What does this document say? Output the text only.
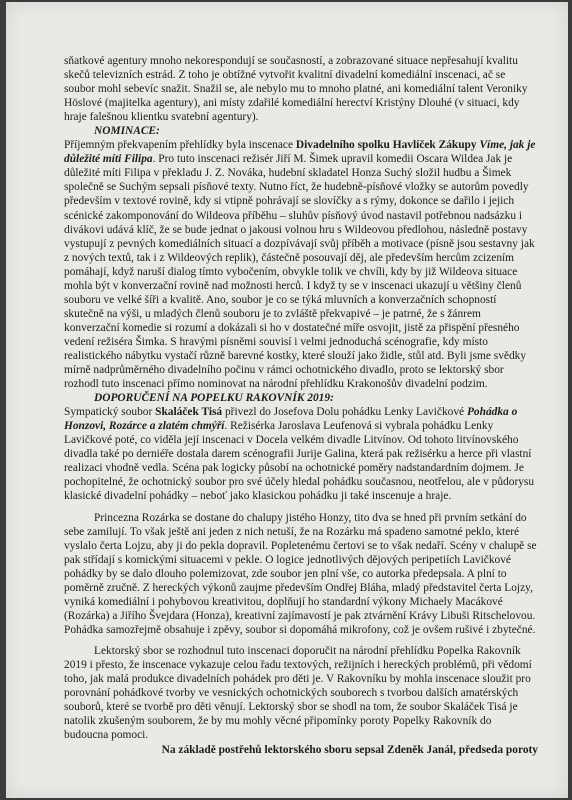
sňatkové agentury mnoho nekorespondují se současností, a zobrazované situace nepřesahují kvalitu skečů televizních estrád. Z toho je obtížné vytvořit kvalitní divadelní komediální inscenaci, ač se soubor mohl sebevíc snažit. Snažil se, ale nebylo mu to mnoho platné, ani komediální talent Veroniky Höslové (majitelka agentury), ani místy zdařilé komediální herectví Kristýny Dlouhé (v situaci, kdy hraje falešnou klientku svatební agentury).

NOMINACE:

Příjemným překvapením přehlídky byla inscenace Divadelního spolku Havlíček Zákupy Víme, jak je důležité míti Filipa. Pro tuto inscenaci režisér Jiří M. Šimek upravil komedii Oscara Wildea Jak je důležité míti Filipa v překladu J. Z. Nováka, hudební skladatel Honza Suchý složil hudbu a Šimek společně se Suchým sepsali písňové texty. Nutno říct, že hudebně-písňové vložky se autorům povedly především v textové rovině, kdy si vtipně pohrávají se slovíčky a s rýmy, dokonce se dařilo i jejich scénické zakomponování do Wildeova příběhu – sluhův písňový úvod nastavil potřebnou nadsázku i divákovi udává klíč, že se bude jednat o jakousi volnou hru s Wildeovou předlohou, následně postavy vystupují z pevných komediálních situací a dozpívávají svůj příběh a motivace (písně jsou sestavny jak z nových textů, tak i z Wildeových replik), částečně posouvají děj, ale především hercům zcizením pomáhají, když naruší dialog tímto vybočením, obvykle tolik ve chvíli, kdy by již Wildeova situace mohla být v konverzační rovině nad možnosti herců. I když ty se v inscenaci ukazují u většiny členů souboru ve velké šíři a kvalitě. Ano, soubor je co se týká mluvních a konverzačních schopností skutečně na výši, u mladých členů souboru je to zvláště překvapivé – je patrné, že s žánrem konverzační komedie si rozumí a dokázali si ho v dostatečné míře osvojit, jistě za přispění přesného vedení režiséra Šimka. S hravými písněmi souvisí i velmi jednoduchá scénografie, kdy místo realistického nábytku vystačí různě barevné kostky, které slouží jako židle, stůl atd. Byli jsme svědky mírně nadprůměrného divadelního počinu v rámci ochotnického divadlo, proto se lektorský sbor rozhodl tuto inscenaci přímo nominovat na národní přehlídku Krakonošův divadelní podzim.

DOPORUČENÍ NA POPELKU RAKOVNÍK 2019:

Sympatický soubor Skaláček Tisá přivezl do Josefova Dolu pohádku Lenky Lavičkové Pohádka o Honzovi, Rozárce a zlatém chmýří. Režisérka Jaroslava Leufenová si vybrala pohádku Lenky Lavičkové poté, co viděla její inscenaci v Docela velkém divadle Litvínov. Od tohoto litvínovského divadla také po derniéře dostala darem scénografii Jurije Galina, která pak režisérku a herce při vlastní realizaci vhodně vedla. Scéna pak logicky působí na ochotnické poměry nadstandardním dojmem. Je pochopitelné, že ochotnický soubor pro své účely hledal pohádku současnou, neotřelou, ale v půdorysu klasické divadelní pohádky – neboť jako klasickou pohádku ji také inscenuje a hraje.

Princezna Rozárka se dostane do chalupy jistého Honzy, tito dva se hned při prvním setkání do sebe zamilují. To však ještě ani jeden z nich netuší, že na Rozárku má spadeno samotné peklo, které vyslalo čerta Lojzu, aby ji do pekla dopravil. Popletenému čertovi se to však nedaří. Scény v chalupě se pak střídají s komickými situacemi v pekle. O logice jednotlivých dějových peripetiích Lavičkové pohádky by se dalo dlouho polemizovat, zde soubor jen plní vše, co autorka předepsala. A plní to poměrně zručně. Z hereckých výkonů zaujme především Ondřej Bláha, mladý představitel čerta Lojzy, vyniká komediální i pohybovou kreativitou, doplňují ho standardní výkony Michaely Macákové (Rozárka) a Jiřího Švejdara (Honza), kreativní zajímavostí je pak ztvárnění Krávy Libuši Ritschelovou. Pohádka samozřejmě obsahuje i zpěvy, soubor si dopomáhá mikrofony, což je ovšem rušivé i zbytečné.

Lektorský sbor se rozhodnul tuto inscenaci doporučit na národní přehlídku Popelka Rakovník 2019 i přesto, že inscenace vykazuje celou řadu textových, režijních i hereckých problémů, při vědomí toho, jak malá produkce divadelních pohádek pro děti je. V Rakovníku by mohla inscenace sloužit pro porovnání pohádkové tvorby ve vesnických ochotnických souborech s tvorbou dalších amatérských souborů, které se tvorbě pro děti věnují. Lektorský sbor se shodl na tom, že soubor Skaláček Tisá je natolik zkušeným souborem, že by mu mohly věcné připomínky poroty Popelky Rakovník do budoucna pomoci.

Na základě postřehů lektorského sboru sepsal Zdeněk Janál, předseda poroty
